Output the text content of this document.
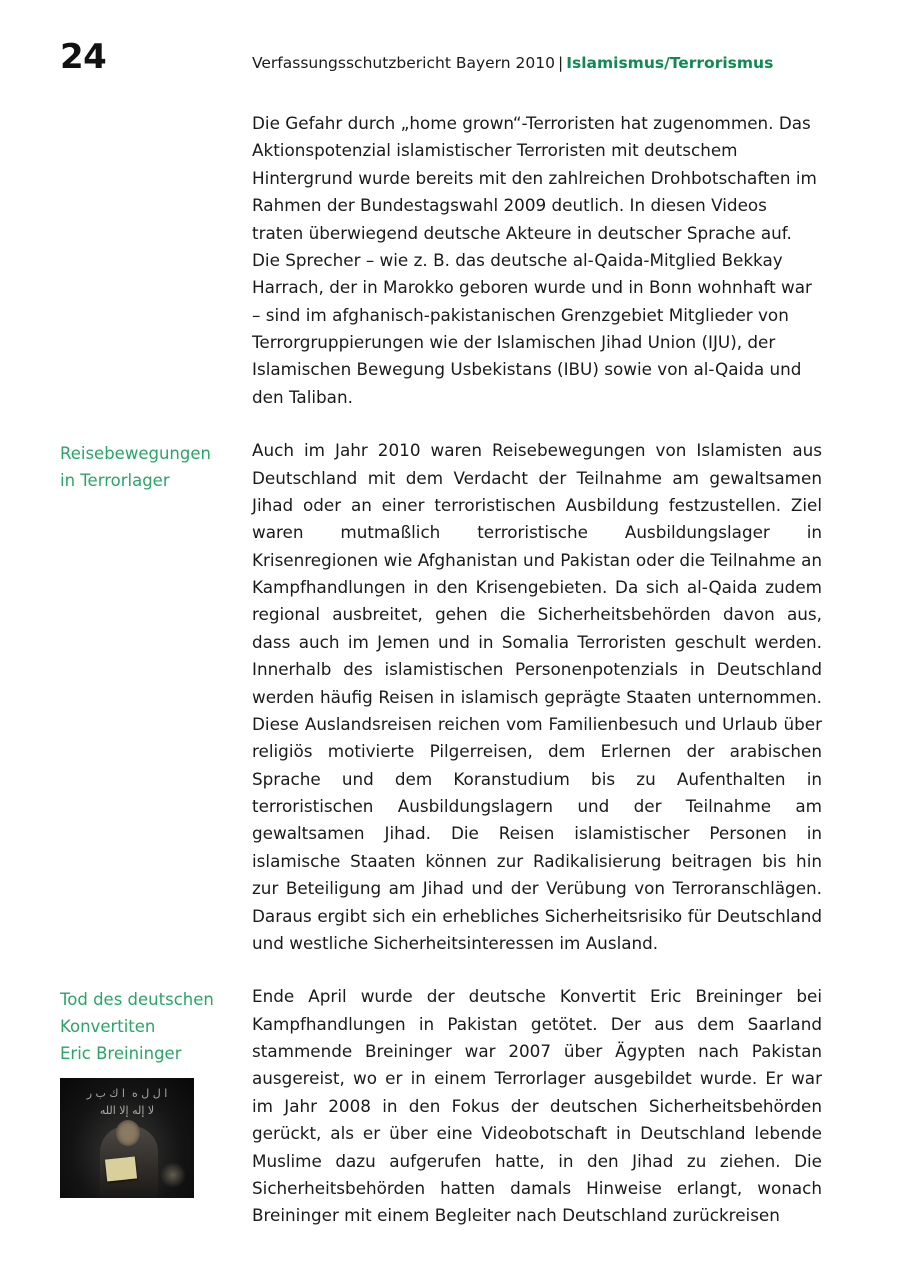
24	Verfassungsschutzbericht Bayern 2010 | Islamismus/Terrorismus
Die Gefahr durch „home grown“-Terroristen hat zugenommen. Das Aktionspotenzial islamistischer Terroristen mit deutschem Hintergrund wurde bereits mit den zahlreichen Drohbotschaften im Rahmen der Bundestagswahl 2009 deutlich. In diesen Videos traten überwiegend deutsche Akteure in deutscher Sprache auf. Die Sprecher – wie z. B. das deutsche al-Qaida-Mitglied Bekkay Harrach, der in Marokko geboren wurde und in Bonn wohnhaft war – sind im afghanisch-pakistanischen Grenzgebiet Mitglieder von Terrorgruppierungen wie der Islamischen Jihad Union (IJU), der Islamischen Bewegung Usbekistans (IBU) sowie von al-Qaida und den Taliban.
Reisebewegungen
in Terrorlager
Auch im Jahr 2010 waren Reisebewegungen von Islamisten aus Deutschland mit dem Verdacht der Teilnahme am gewaltsamen Jihad oder an einer terroristischen Ausbildung festzustellen. Ziel waren mutmaßlich terroristische Ausbildungslager in Krisenregionen wie Afghanistan und Pakistan oder die Teilnahme an Kampfhandlungen in den Krisengebieten. Da sich al-Qaida zudem regional ausbreitet, gehen die Sicherheitsbehörden davon aus, dass auch im Jemen und in Somalia Terroristen geschult werden. Innerhalb des islamistischen Personenpotenzials in Deutschland werden häufig Reisen in islamisch geprägte Staaten unternommen. Diese Auslandsreisen reichen vom Familienbesuch und Urlaub über religiös motivierte Pilgerreisen, dem Erlernen der arabischen Sprache und dem Koranstudium bis zu Aufenthalten in terroristischen Ausbildungslagern und der Teilnahme am gewaltsamen Jihad. Die Reisen islamistischer Personen in islamische Staaten können zur Radikalisierung beitragen bis hin zur Beteiligung am Jihad und der Verübung von Terroranschlägen. Daraus ergibt sich ein erhebliches Sicherheitsrisiko für Deutschland und westliche Sicherheitsinteressen im Ausland.
Tod des deutschen
Konvertiten
Eric Breininger
ا ل ل ه  ا ك ب ر
لا إله إلا الله
Ende April wurde der deutsche Konvertit Eric Breininger bei Kampfhandlungen in Pakistan getötet. Der aus dem Saarland stammende Breininger war 2007 über Ägypten nach Pakistan ausgereist, wo er in einem Terrorlager ausgebildet wurde. Er war im Jahr 2008 in den Fokus der deutschen Sicherheitsbehörden gerückt, als er über eine Videobotschaft in Deutschland lebende Muslime dazu aufgerufen hatte, in den Jihad zu ziehen. Die Sicherheitsbehörden hatten damals Hinweise erlangt, wonach Breininger mit einem Begleiter nach Deutschland zurückreisen
